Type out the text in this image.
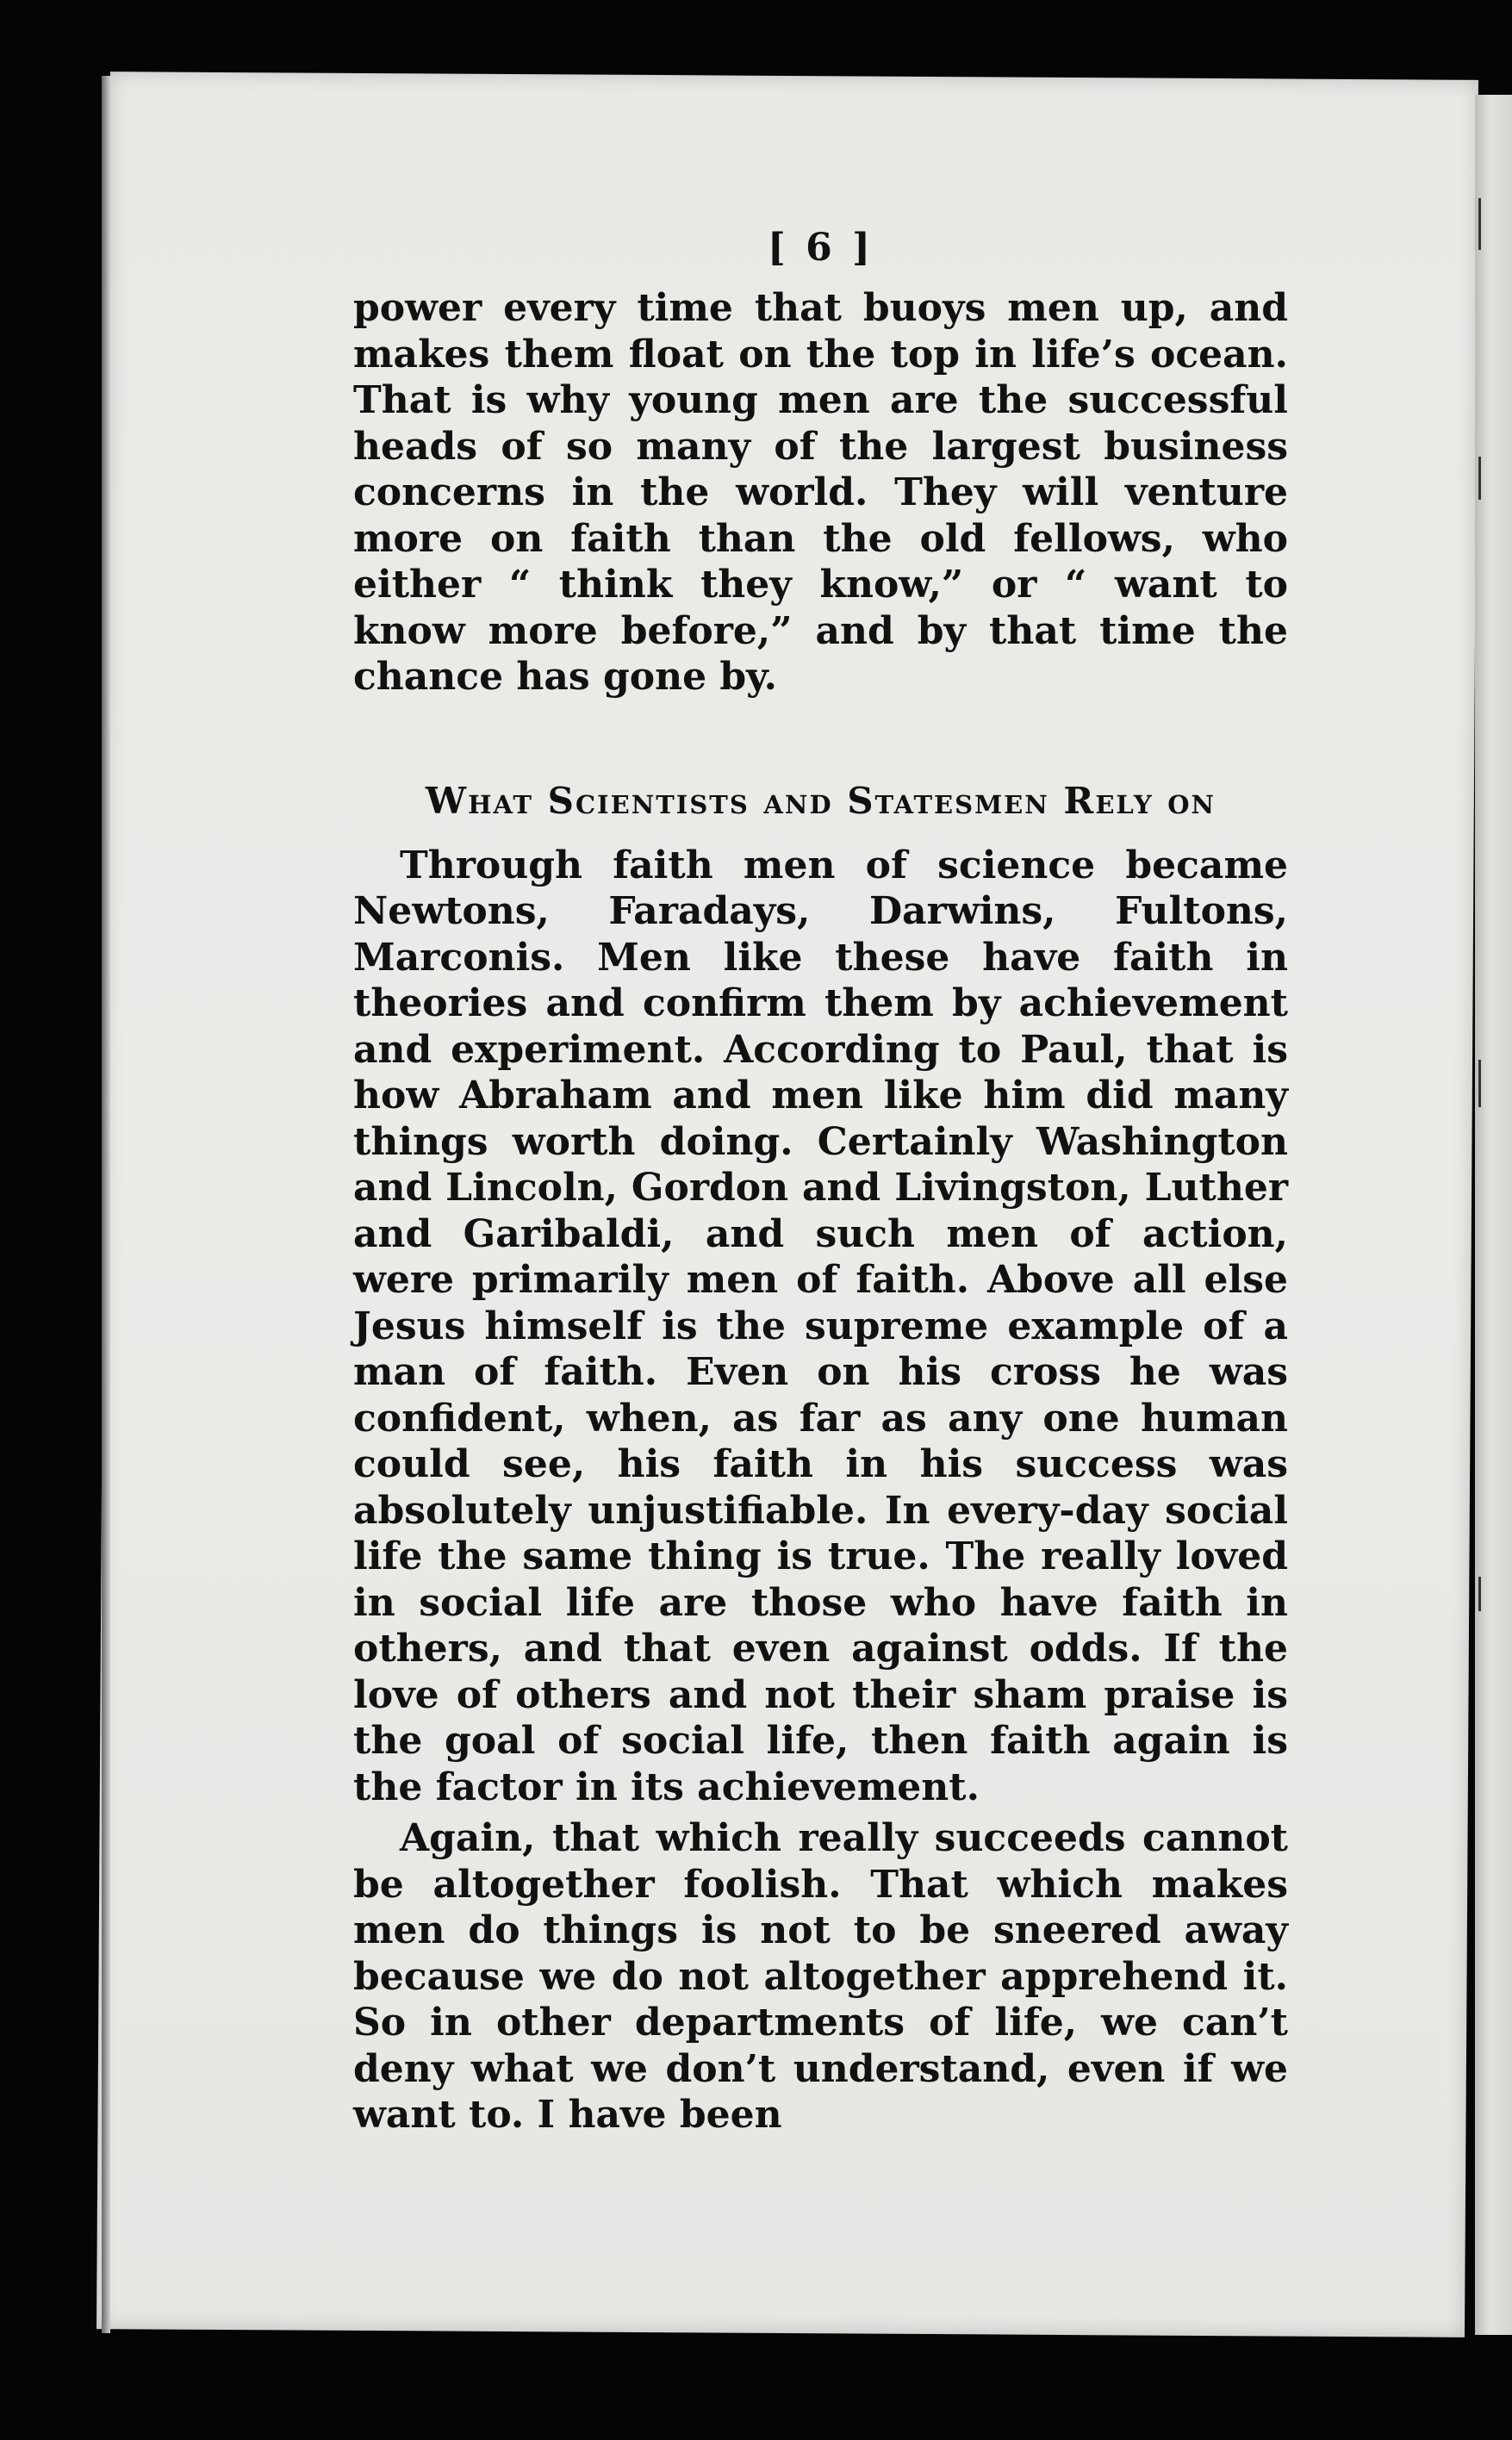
[ 6 ]

power every time that buoys men up, and makes them float on the top in life’s ocean. That is why young men are the successful heads of so many of the largest business concerns in the world. They will venture more on faith than the old fellows, who either “ think they know,” or “ want to know more before,” and by that time the chance has gone by.

What Scientists and Statesmen Rely on

Through faith men of science became Newtons, Faradays, Darwins, Fultons, Marconis. Men like these have faith in theories and confirm them by achievement and experiment. According to Paul, that is how Abraham and men like him did many things worth doing. Certainly Washington and Lincoln, Gordon and Livingston, Luther and Garibaldi, and such men of action, were primarily men of faith. Above all else Jesus himself is the supreme example of a man of faith. Even on his cross he was confident, when, as far as any one human could see, his faith in his success was absolutely unjustifiable. In every-day social life the same thing is true. The really loved in social life are those who have faith in others, and that even against odds. If the love of others and not their sham praise is the goal of social life, then faith again is the factor in its achievement.

Again, that which really succeeds cannot be altogether foolish. That which makes men do things is not to be sneered away because we do not altogether apprehend it. So in other departments of life, we can’t deny what we don’t understand, even if we want to. I have been
